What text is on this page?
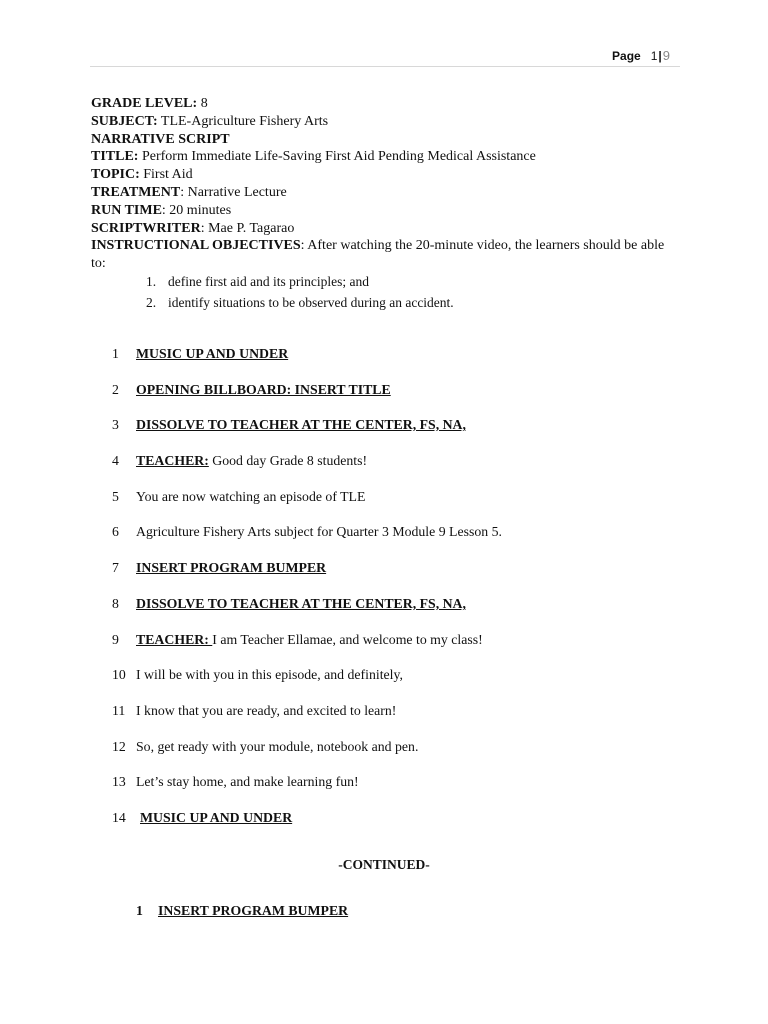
Page 1|9
GRADE LEVEL: 8
SUBJECT: TLE-Agriculture Fishery Arts
NARRATIVE SCRIPT
TITLE: Perform Immediate Life-Saving First Aid Pending Medical Assistance
TOPIC: First Aid
TREATMENT: Narrative Lecture
RUN TIME: 20 minutes
SCRIPTWRITER: Mae P. Tagarao
INSTRUCTIONAL OBJECTIVES: After watching the 20-minute video, the learners should be able to:
1. define first aid and its principles; and
2. identify situations to be observed during an accident.
1 MUSIC UP AND UNDER
2 OPENING BILLBOARD: INSERT TITLE
3 DISSOLVE TO TEACHER AT THE CENTER, FS, NA,
4 TEACHER: Good day Grade 8 students!
5 You are now watching an episode of TLE
6 Agriculture Fishery Arts subject for Quarter 3 Module 9 Lesson 5.
7 INSERT PROGRAM BUMPER
8 DISSOLVE TO TEACHER AT THE CENTER, FS, NA,
9 TEACHER: I am Teacher Ellamae, and welcome to my class!
10 I will be with you in this episode, and definitely,
11 I know that you are ready, and excited to learn!
12 So, get ready with your module, notebook and pen.
13 Let’s stay home, and make learning fun!
14 MUSIC UP AND UNDER
-CONTINUED-
1 INSERT PROGRAM BUMPER
